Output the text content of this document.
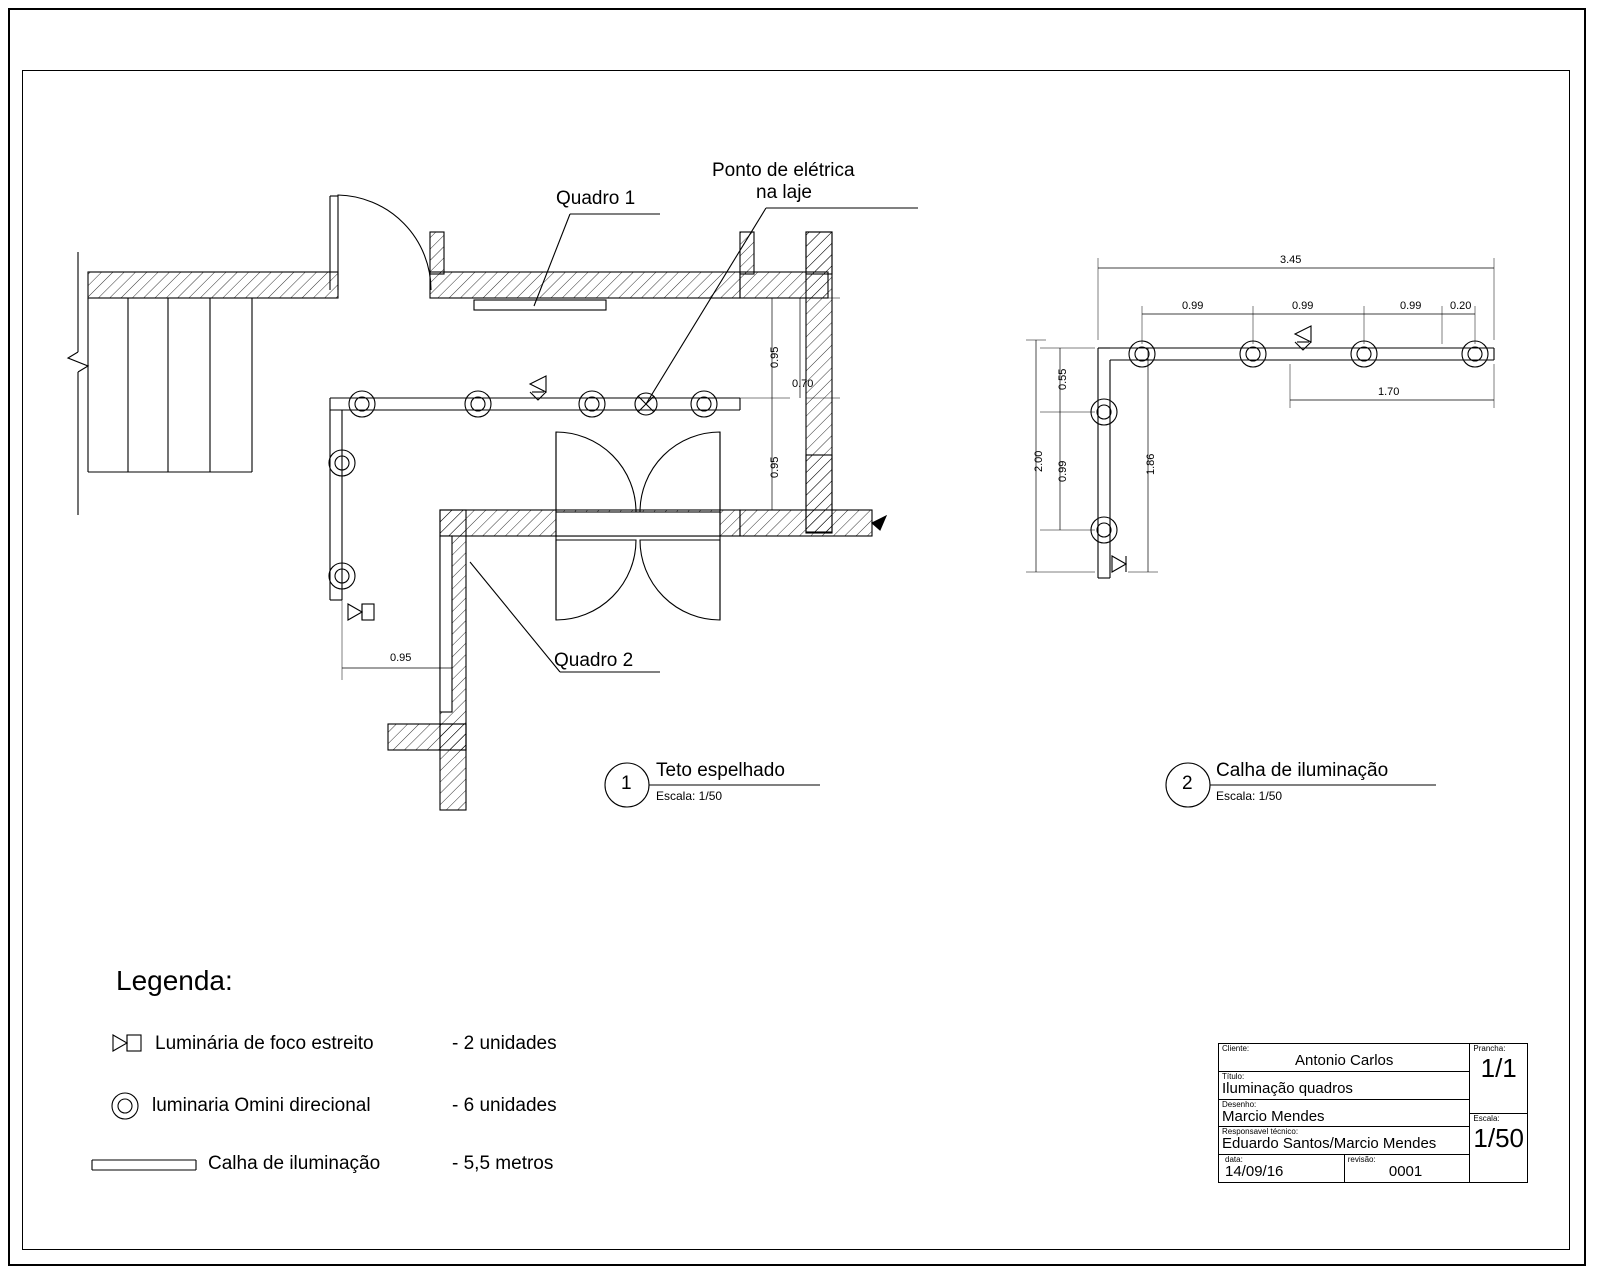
Quadro 1
Ponto de elétrica
na laje
Quadro 2
0.95
0.70
0.95
0.95
3.45
0.99	0.99	0.99	0.20
1.70
0.55
0.99
2.00	1.86
1
Teto espelhado
Escala: 1/50
2
Calha de iluminação
Escala: 1/50
Legenda:
Luminária de foco estreito	- 2 unidades
luminaria Omini direcional	- 6 unidades
Calha de iluminação	- 5,5 metros
Cliente:
Antonio Carlos
Título:
Iluminação quadros
Desenho:
Marcio Mendes
Responsavel técnico:
Eduardo Santos/Marcio Mendes
data:
14/09/16
revisão:
0001
Prancha:
1/1
Escala:
1/50
